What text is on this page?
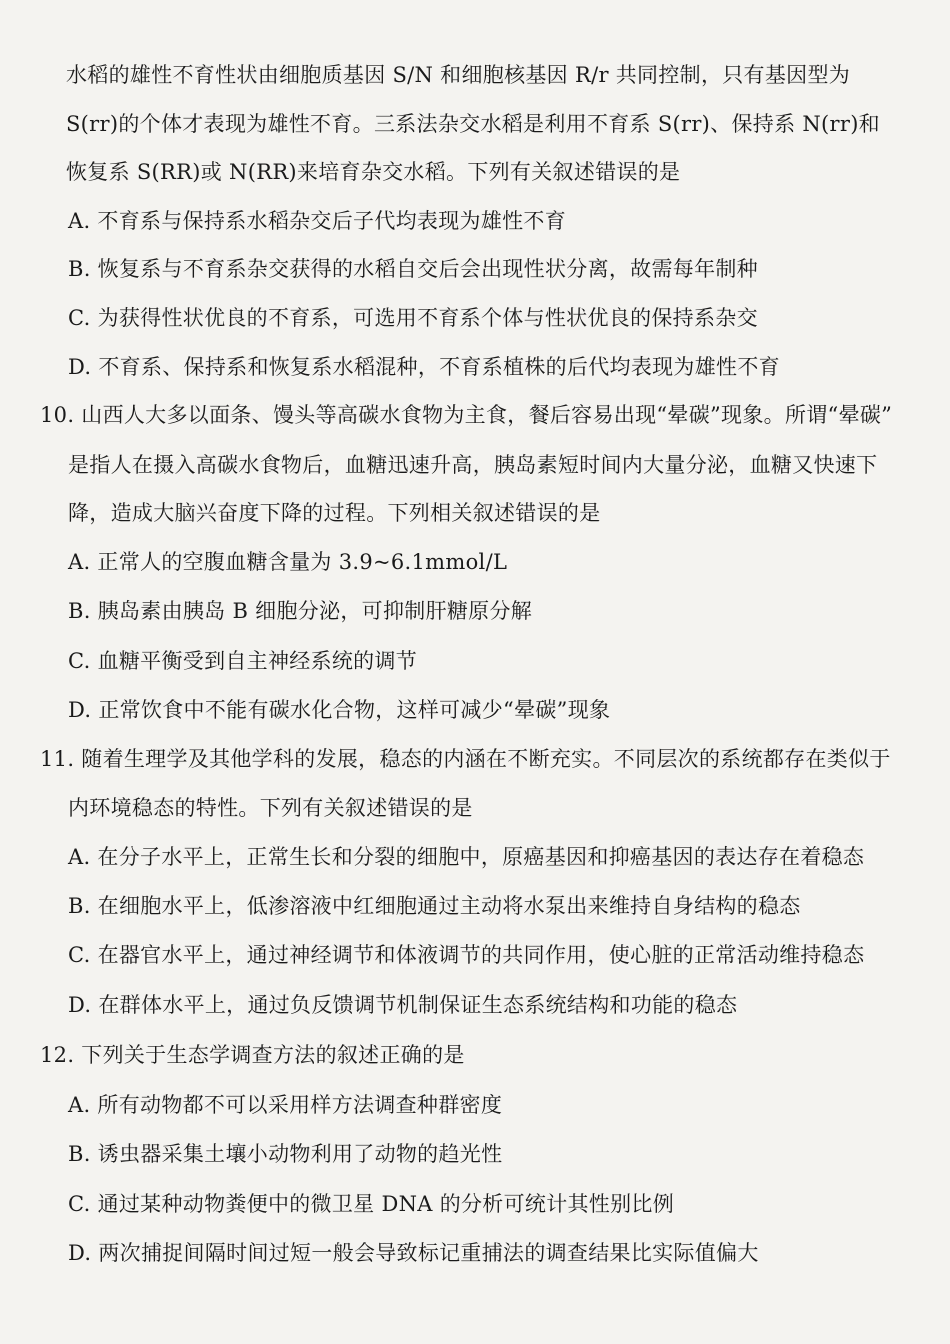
水稻的雄性不育性状由细胞质基因 S/N 和细胞核基因 R/r 共同控制，只有基因型为
S(rr)的个体才表现为雄性不育。三系法杂交水稻是利用不育系 S(rr)、保持系 N(rr)和
恢复系 S(RR)或 N(RR)来培育杂交水稻。下列有关叙述错误的是
A. 不育系与保持系水稻杂交后子代均表现为雄性不育
B. 恢复系与不育系杂交获得的水稻自交后会出现性状分离，故需每年制种
C. 为获得性状优良的不育系，可选用不育系个体与性状优良的保持系杂交
D. 不育系、保持系和恢复系水稻混种，不育系植株的后代均表现为雄性不育
10. 山西人大多以面条、馒头等高碳水食物为主食，餐后容易出现“晕碳”现象。所谓“晕碳”
是指人在摄入高碳水食物后，血糖迅速升高，胰岛素短时间内大量分泌，血糖又快速下
降，造成大脑兴奋度下降的过程。下列相关叙述错误的是
A. 正常人的空腹血糖含量为 3.9~6.1mmol/L
B. 胰岛素由胰岛 B 细胞分泌，可抑制肝糖原分解
C. 血糖平衡受到自主神经系统的调节
D. 正常饮食中不能有碳水化合物，这样可减少“晕碳”现象
11. 随着生理学及其他学科的发展，稳态的内涵在不断充实。不同层次的系统都存在类似于
内环境稳态的特性。下列有关叙述错误的是
A. 在分子水平上，正常生长和分裂的细胞中，原癌基因和抑癌基因的表达存在着稳态
B. 在细胞水平上，低渗溶液中红细胞通过主动将水泵出来维持自身结构的稳态
C. 在器官水平上，通过神经调节和体液调节的共同作用，使心脏的正常活动维持稳态
D. 在群体水平上，通过负反馈调节机制保证生态系统结构和功能的稳态
12. 下列关于生态学调查方法的叙述正确的是
A. 所有动物都不可以采用样方法调查种群密度
B. 诱虫器采集土壤小动物利用了动物的趋光性
C. 通过某种动物粪便中的微卫星 DNA 的分析可统计其性别比例
D. 两次捕捉间隔时间过短一般会导致标记重捕法的调查结果比实际值偏大
